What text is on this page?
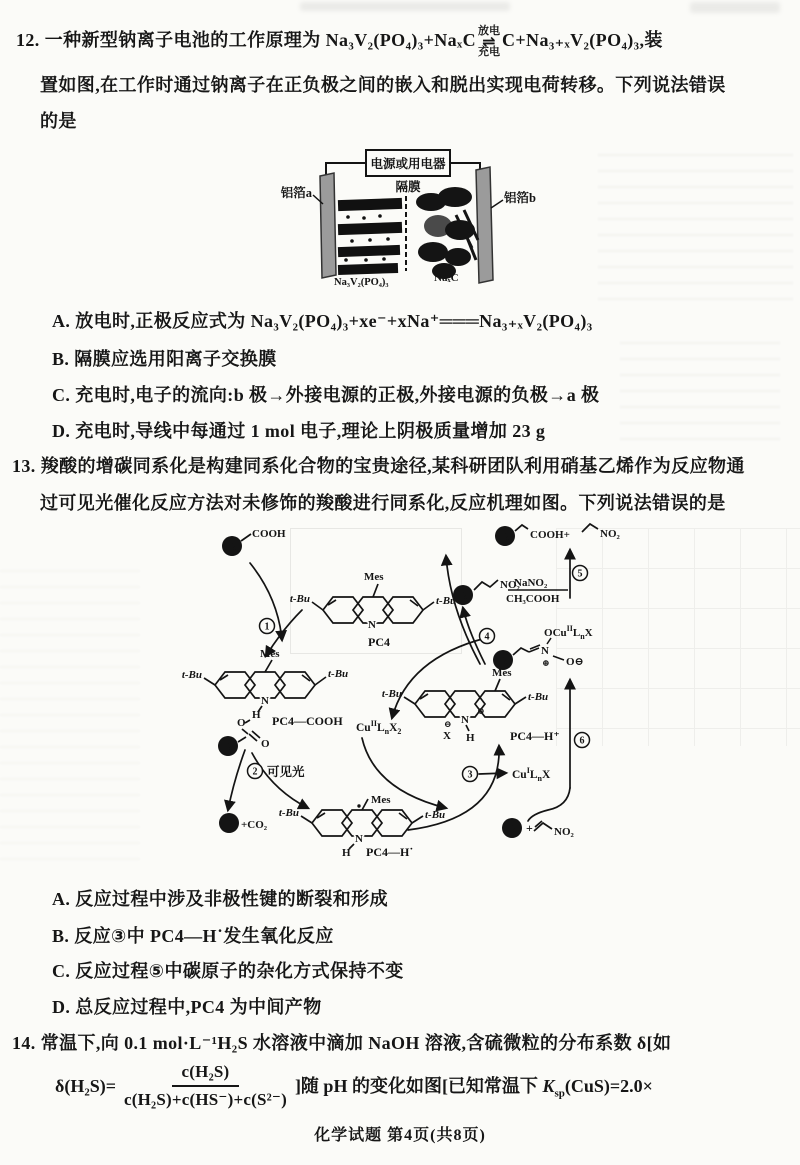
12. 一种新型钠离子电池的工作原理为 Na₃V₂(PO₄)₃+NaₓC 放电
⇌
充电
C+Na₃₊ₓV₂(PO₄)₃,装
置如图,在工作时通过钠离子在正负极之间的嵌入和脱出实现电荷转移。下列说法错误
的是
电源或用电器
隔膜
铝箔a	铝箔b
Na₃V₂(PO₄)₃	NaₓC
A. 放电时,正极反应式为 Na₃V₂(PO₄)₃+xe⁻+xNa⁺═══Na₃₊ₓV₂(PO₄)₃
B. 隔膜应选用阳离子交换膜
C. 充电时,电子的流向:b 极→外接电源的正极,外接电源的负极→a 极
D. 充电时,导线中每通过 1 mol 电子,理论上阴极质量增加 23 g
13. 羧酸的增碳同系化是构建同系化合物的宝贵途径,某科研团队利用硝基乙烯作为反应物通
过可见光催化反应方法对未修饰的羧酸进行同系化,反应机理如图。下列说法错误的是
1
2	3
4
5
6
可见光
R
COOH	R COOH+	NO₂
R
NO₂
NaNO₂
CH₃COOH
R
N
⊕
$OCu^{II}L_nX$
O⊖
Mes
t-Bu	t-Bu
N
PC4
Mes
t-Bu	t-Bu
N
H
O
O
R
PC4—COOH
R +CO₂
Mes
t-Bu	t-Bu
N
H PC4—H˙
Mes
t-Bu	t-Bu
⊕
N
H
⊖
X	PC4—H⁺
$Cu^{II}L_nX_2$
$Cu^IL_nX$
R + NO₂
A. 反应过程中涉及非极性键的断裂和形成
B. 反应③中 PC4—H˙发生氧化反应
C. 反应过程⑤中碳原子的杂化方式保持不变
D. 总反应过程中,PC4 为中间产物
14. 常温下,向 0.1 mol·L⁻¹H₂S 水溶液中滴加 NaOH 溶液,含硫微粒的分布系数 δ[如
$\delta(H_2S)= \frac{\text{c(H₂S)}}{\text{c(H₂S)+c(HS⁻)+c(S²⁻)}}$ ]随 pH 的变化如图[已知常温下 $K_{sp}(CuS)=2.0\times$
化学试题 第4页(共8页)
